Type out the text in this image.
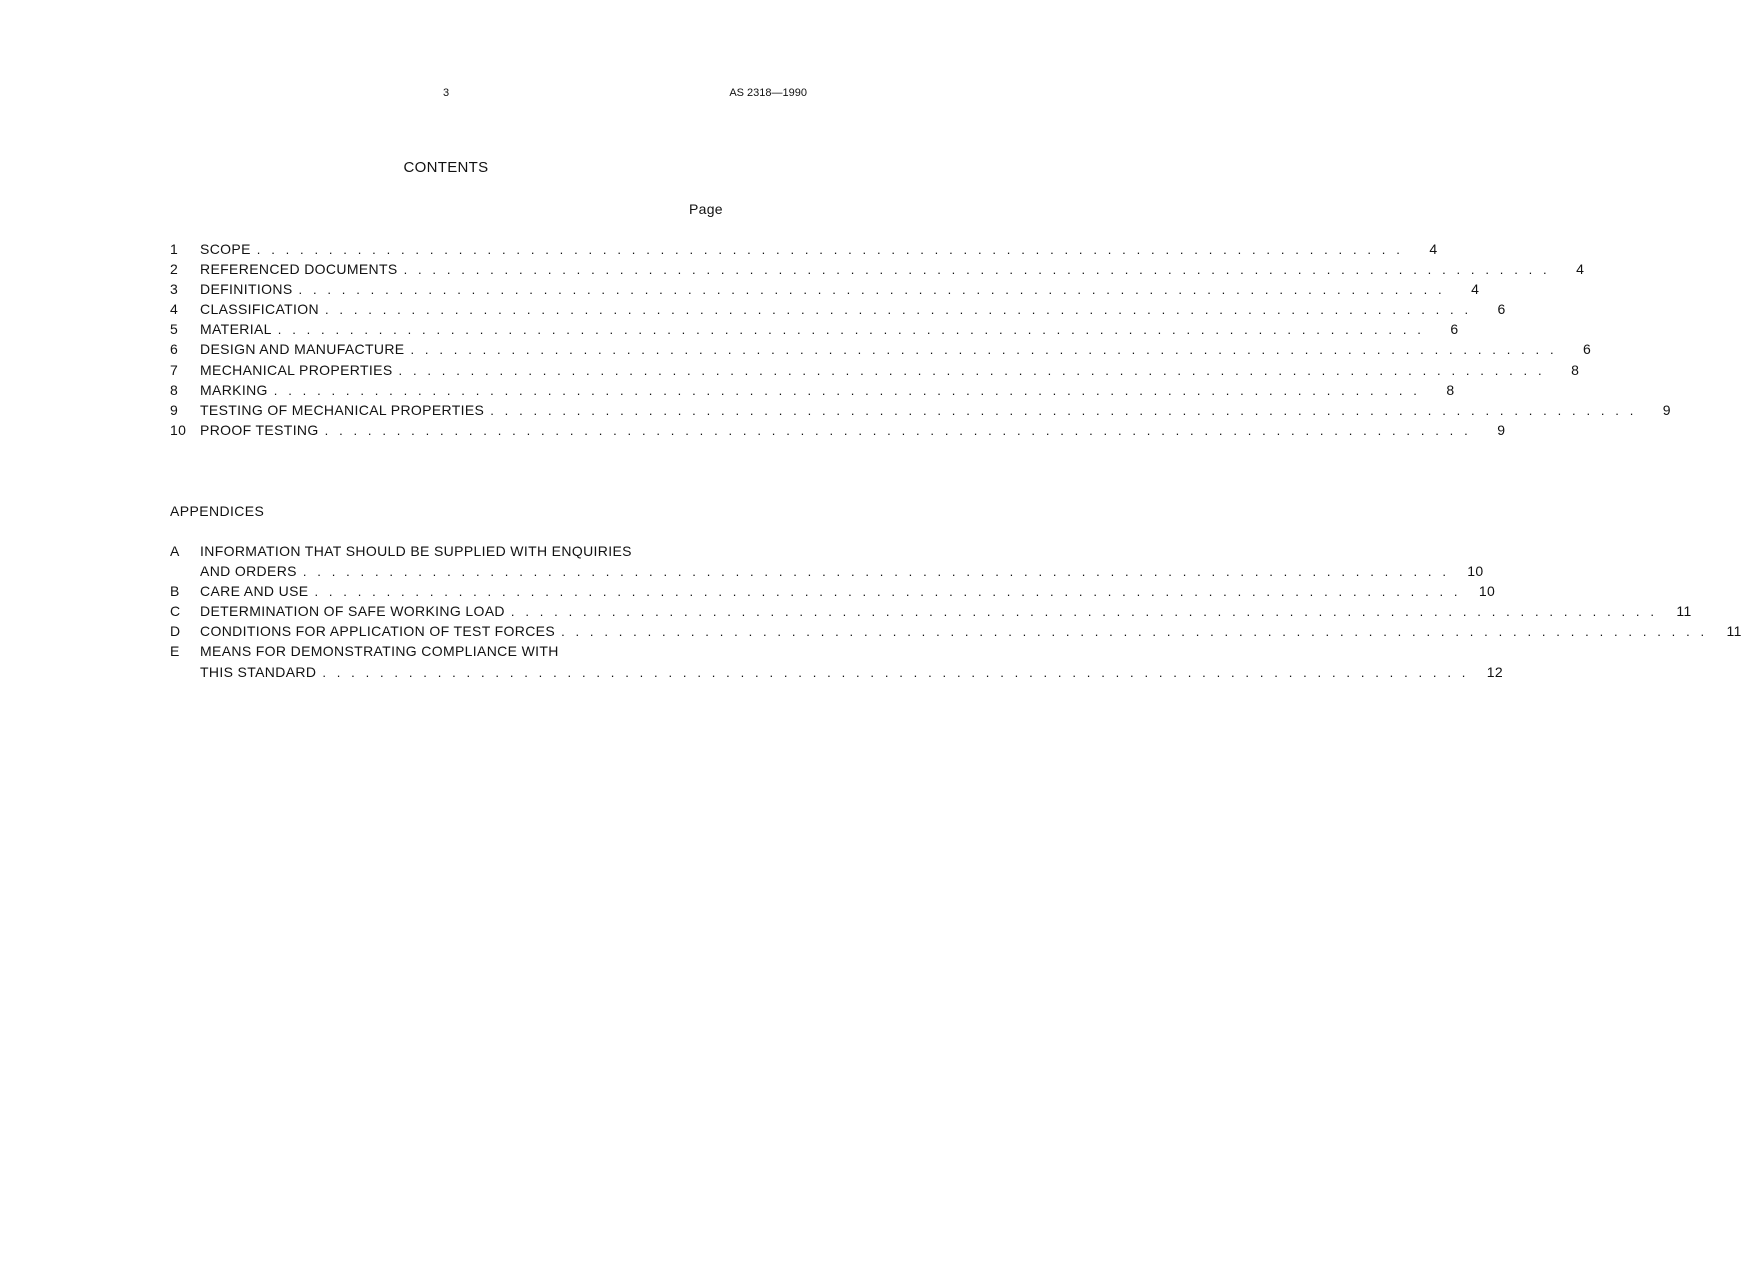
3	AS 2318—1990
CONTENTS
Page
1	SCOPE . . . . . . . . . . . . . . . . . . . . . . . . . . . . . . . . . . . . . . . . . . . . . . . . . . . . . . . . . . . . . . . . . . . . . . . . . . . . . . . .	4
2	REFERENCED DOCUMENTS . . . . . . . . . . . . . . . . . . . . . . . . . . . . . . . . . . . . . . . . . . . . . . . . . . . . . . . . . . . . . . . . . . . . . . . . . . . . . . . .	4
3	DEFINITIONS . . . . . . . . . . . . . . . . . . . . . . . . . . . . . . . . . . . . . . . . . . . . . . . . . . . . . . . . . . . . . . . . . . . . . . . . . . . . . . . .	4
4	CLASSIFICATION . . . . . . . . . . . . . . . . . . . . . . . . . . . . . . . . . . . . . . . . . . . . . . . . . . . . . . . . . . . . . . . . . . . . . . . . . . . . . . . .	6
5	MATERIAL . . . . . . . . . . . . . . . . . . . . . . . . . . . . . . . . . . . . . . . . . . . . . . . . . . . . . . . . . . . . . . . . . . . . . . . . . . . . . . . .	6
6	DESIGN AND MANUFACTURE . . . . . . . . . . . . . . . . . . . . . . . . . . . . . . . . . . . . . . . . . . . . . . . . . . . . . . . . . . . . . . . . . . . . . . . . . . . . . . . .	6
7	MECHANICAL PROPERTIES . . . . . . . . . . . . . . . . . . . . . . . . . . . . . . . . . . . . . . . . . . . . . . . . . . . . . . . . . . . . . . . . . . . . . . . . . . . . . . . .	8
8	MARKING . . . . . . . . . . . . . . . . . . . . . . . . . . . . . . . . . . . . . . . . . . . . . . . . . . . . . . . . . . . . . . . . . . . . . . . . . . . . . . . .	8
9	TESTING OF MECHANICAL PROPERTIES . . . . . . . . . . . . . . . . . . . . . . . . . . . . . . . . . . . . . . . . . . . . . . . . . . . . . . . . . . . . . . . . . . . . . . . . . . . . . . . .	9
10 PROOF TESTING . . . . . . . . . . . . . . . . . . . . . . . . . . . . . . . . . . . . . . . . . . . . . . . . . . . . . . . . . . . . . . . . . . . . . . . . . . . . . . . .	9
APPENDICES
A	INFORMATION THAT SHOULD BE SUPPLIED WITH ENQUIRIES
AND ORDERS . . . . . . . . . . . . . . . . . . . . . . . . . . . . . . . . . . . . . . . . . . . . . . . . . . . . . . . . . . . . . . . . . . . . . . . . . . . . . . . .	10
B	CARE AND USE . . . . . . . . . . . . . . . . . . . . . . . . . . . . . . . . . . . . . . . . . . . . . . . . . . . . . . . . . . . . . . . . . . . . . . . . . . . . . . . .	10
C	DETERMINATION OF SAFE WORKING LOAD . . . . . . . . . . . . . . . . . . . . . . . . . . . . . . . . . . . . . . . . . . . . . . . . . . . . . . . . . . . . . . . . . . . . . . . . . . . . . . . .	11
D	CONDITIONS FOR APPLICATION OF TEST FORCES . . . . . . . . . . . . . . . . . . . . . . . . . . . . . . . . . . . . . . . . . . . . . . . . . . . . . . . . . . . . . . . . . . . . . . . . . . . . . . . .	11
E	MEANS FOR DEMONSTRATING COMPLIANCE WITH
THIS STANDARD . . . . . . . . . . . . . . . . . . . . . . . . . . . . . . . . . . . . . . . . . . . . . . . . . . . . . . . . . . . . . . . . . . . . . . . . . . . . . . . .	12
